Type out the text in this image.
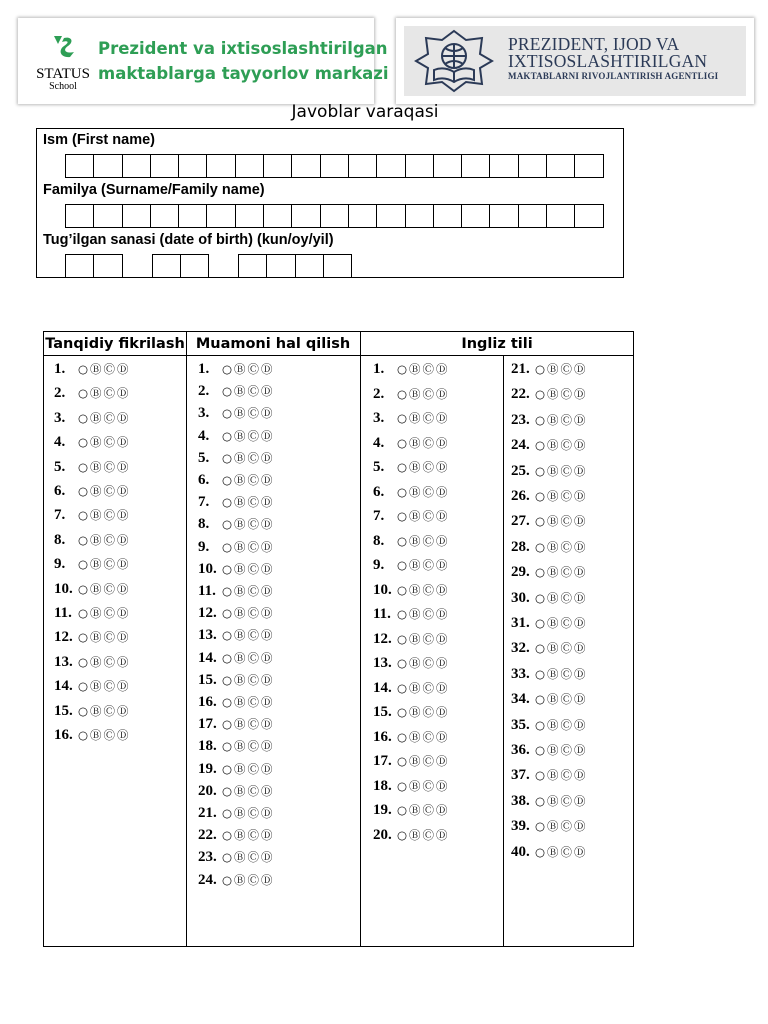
STATUS
School
Prezident va ixtisoslashtirilgan
maktablarga tayyorlov markazi
PREZIDENT, IJOD VA
IXTISOSLASHTIRILGAN
MAKTABLARNI RIVOJLANTIRISH AGENTLIGI
Javoblar varaqasi
Ism (First name)
Familya (Surname/Family name)
Tug’ilgan sanasi (date of birth) (kun/oy/yil)
Tanqidiy fikrilash Muamoni hal qilish	Ingliz tili
1. ○ Ⓑ Ⓒ Ⓓ
2. ○ Ⓑ Ⓒ Ⓓ
3. ○ Ⓑ Ⓒ Ⓓ
4. ○ Ⓑ Ⓒ Ⓓ
5. ○ Ⓑ Ⓒ Ⓓ
6. ○ Ⓑ Ⓒ Ⓓ
7. ○ Ⓑ Ⓒ Ⓓ
8. ○ Ⓑ Ⓒ Ⓓ
9. ○ Ⓑ Ⓒ Ⓓ
10. ○ Ⓑ Ⓒ Ⓓ
11. ○ Ⓑ Ⓒ Ⓓ
12. ○ Ⓑ Ⓒ Ⓓ
13. ○ Ⓑ Ⓒ Ⓓ
14. ○ Ⓑ Ⓒ Ⓓ
15. ○ Ⓑ Ⓒ Ⓓ
16. ○ Ⓑ Ⓒ Ⓓ
1. ○ Ⓑ Ⓒ Ⓓ
2. ○ Ⓑ Ⓒ Ⓓ
3. ○ Ⓑ Ⓒ Ⓓ
4. ○ Ⓑ Ⓒ Ⓓ
5. ○ Ⓑ Ⓒ Ⓓ
6. ○ Ⓑ Ⓒ Ⓓ
7. ○ Ⓑ Ⓒ Ⓓ
8. ○ Ⓑ Ⓒ Ⓓ
9. ○ Ⓑ Ⓒ Ⓓ
10. ○ Ⓑ Ⓒ Ⓓ
11. ○ Ⓑ Ⓒ Ⓓ
12. ○ Ⓑ Ⓒ Ⓓ
13. ○ Ⓑ Ⓒ Ⓓ
14. ○ Ⓑ Ⓒ Ⓓ
15. ○ Ⓑ Ⓒ Ⓓ
16. ○ Ⓑ Ⓒ Ⓓ
17. ○ Ⓑ Ⓒ Ⓓ
18. ○ Ⓑ Ⓒ Ⓓ
19. ○ Ⓑ Ⓒ Ⓓ
20. ○ Ⓑ Ⓒ Ⓓ
21. ○ Ⓑ Ⓒ Ⓓ
22. ○ Ⓑ Ⓒ Ⓓ
23. ○ Ⓑ Ⓒ Ⓓ
24. ○ Ⓑ Ⓒ Ⓓ
1. ○ Ⓑ Ⓒ Ⓓ
2. ○ Ⓑ Ⓒ Ⓓ
3. ○ Ⓑ Ⓒ Ⓓ
4. ○ Ⓑ Ⓒ Ⓓ
5. ○ Ⓑ Ⓒ Ⓓ
6. ○ Ⓑ Ⓒ Ⓓ
7. ○ Ⓑ Ⓒ Ⓓ
8. ○ Ⓑ Ⓒ Ⓓ
9. ○ Ⓑ Ⓒ Ⓓ
10. ○ Ⓑ Ⓒ Ⓓ
11. ○ Ⓑ Ⓒ Ⓓ
12. ○ Ⓑ Ⓒ Ⓓ
13. ○ Ⓑ Ⓒ Ⓓ
14. ○ Ⓑ Ⓒ Ⓓ
15. ○ Ⓑ Ⓒ Ⓓ
16. ○ Ⓑ Ⓒ Ⓓ
17. ○ Ⓑ Ⓒ Ⓓ
18. ○ Ⓑ Ⓒ Ⓓ
19. ○ Ⓑ Ⓒ Ⓓ
20. ○ Ⓑ Ⓒ Ⓓ
21. ○ Ⓑ Ⓒ Ⓓ
22. ○ Ⓑ Ⓒ Ⓓ
23. ○ Ⓑ Ⓒ Ⓓ
24. ○ Ⓑ Ⓒ Ⓓ
25. ○ Ⓑ Ⓒ Ⓓ
26. ○ Ⓑ Ⓒ Ⓓ
27. ○ Ⓑ Ⓒ Ⓓ
28. ○ Ⓑ Ⓒ Ⓓ
29. ○ Ⓑ Ⓒ Ⓓ
30. ○ Ⓑ Ⓒ Ⓓ
31. ○ Ⓑ Ⓒ Ⓓ
32. ○ Ⓑ Ⓒ Ⓓ
33. ○ Ⓑ Ⓒ Ⓓ
34. ○ Ⓑ Ⓒ Ⓓ
35. ○ Ⓑ Ⓒ Ⓓ
36. ○ Ⓑ Ⓒ Ⓓ
37. ○ Ⓑ Ⓒ Ⓓ
38. ○ Ⓑ Ⓒ Ⓓ
39. ○ Ⓑ Ⓒ Ⓓ
40. ○ Ⓑ Ⓒ Ⓓ
